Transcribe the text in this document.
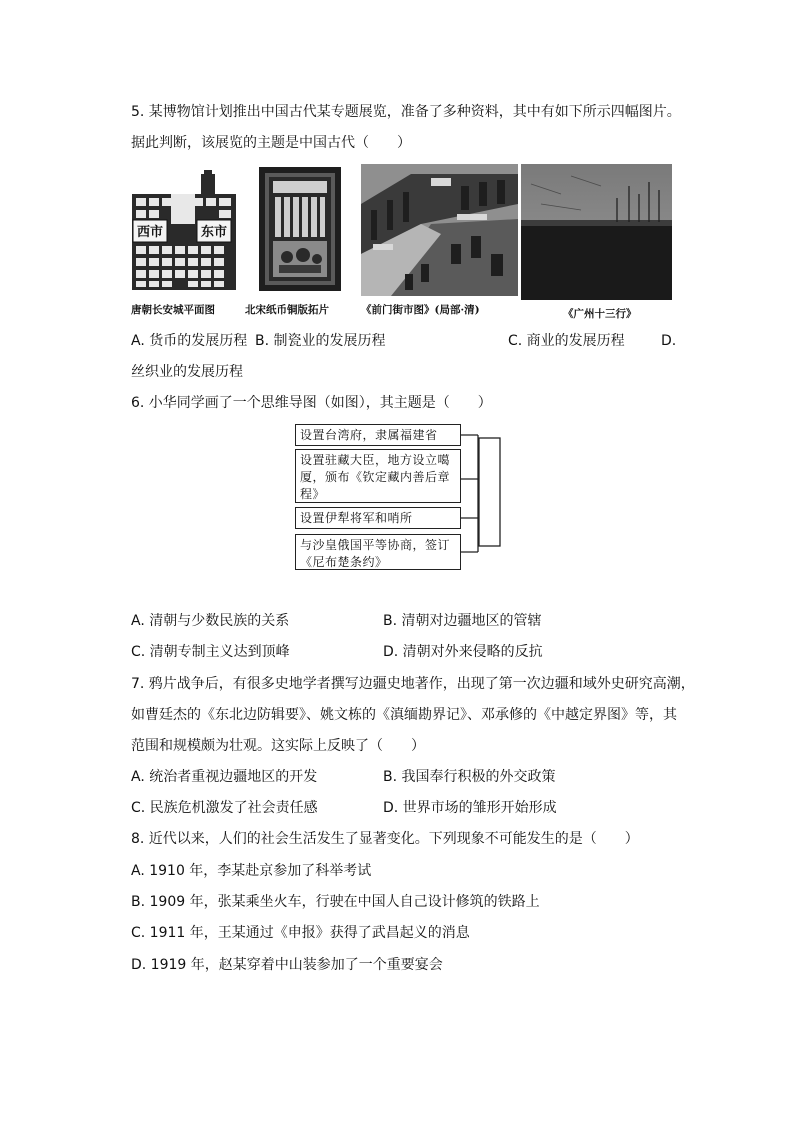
5. 某博物馆计划推出中国古代某专题展览，准备了多种资料，其中有如下所示四幅图片。
据此判断，该展览的主题是中国古代（　　）
西市	东市
唐朝长安城平面图	北宋纸币铜版拓片	《前门街市图》(局部·清)	《广州十三行》
A. 货币的发展历程 B. 制瓷业的发展历程	C. 商业的发展历程	D.
丝织业的发展历程
6. 小华同学画了一个思维导图（如图），其主题是（　　）
设置台湾府，隶属福建省
设置驻藏大臣，地方设立噶厦，颁布《钦定藏内善后章程》
设置伊犁将军和哨所
与沙皇俄国平等协商，签订《尼布楚条约》
A. 清朝与少数民族的关系	B. 清朝对边疆地区的管辖
C. 清朝专制主义达到顶峰	D. 清朝对外来侵略的反抗
7. 鸦片战争后，有很多史地学者撰写边疆史地著作，出现了第一次边疆和域外史研究高潮，
如曹廷杰的《东北边防辑要》、姚文栋的《滇缅勘界记》、邓承修的《中越定界图》等，其
范围和规模颇为壮观。这实际上反映了（　　）
A. 统治者重视边疆地区的开发	B. 我国奉行积极的外交政策
C. 民族危机激发了社会责任感	D. 世界市场的雏形开始形成
8. 近代以来，人们的社会生活发生了显著变化。下列现象不可能发生的是（　　）
A. 1910 年，李某赴京参加了科举考试
B. 1909 年，张某乘坐火车，行驶在中国人自己设计修筑的铁路上
C. 1911 年，王某通过《申报》获得了武昌起义的消息
D. 1919 年，赵某穿着中山装参加了一个重要宴会
